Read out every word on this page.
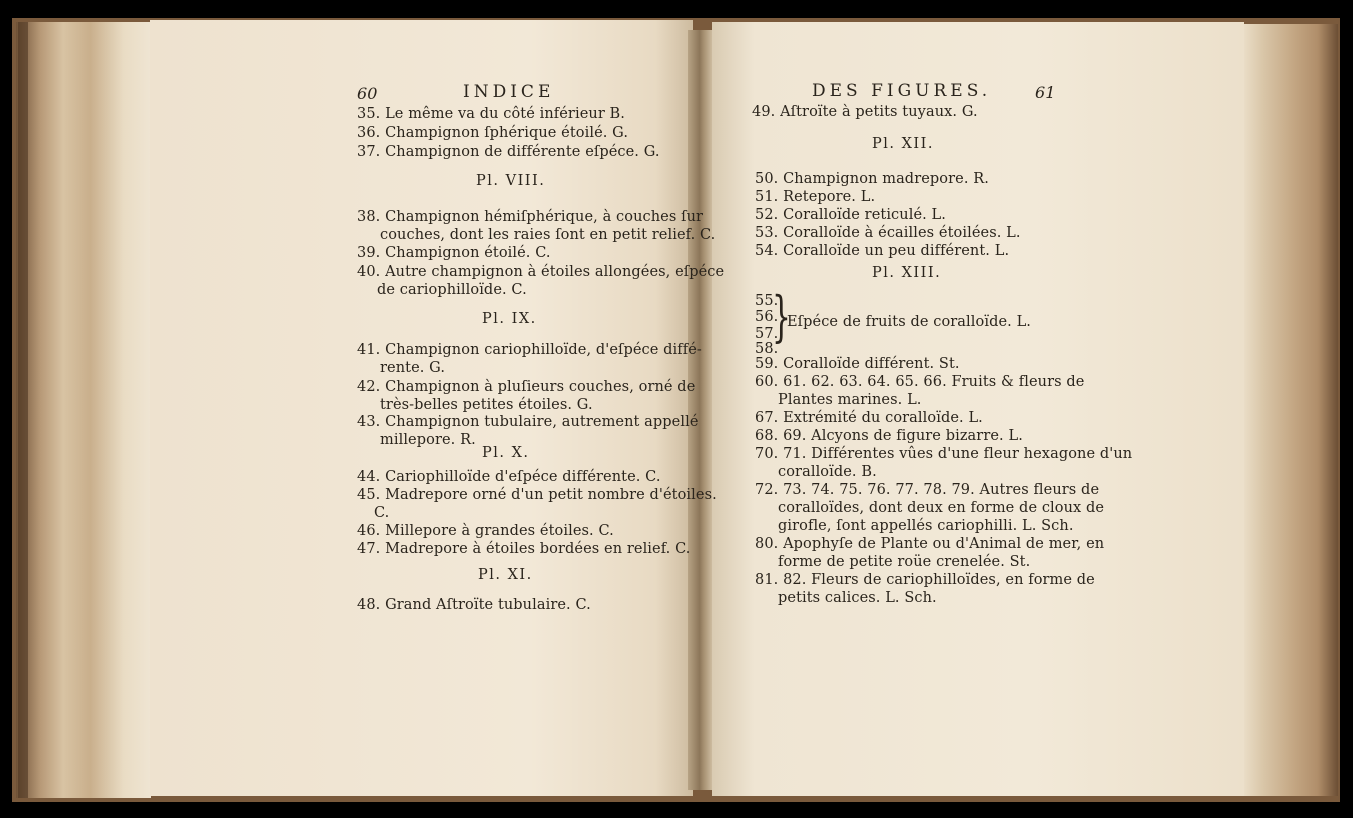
60	INDICE
35. Le même va du côté inférieur B.
36. Champignon ſphérique étoilé. G.
37. Champignon de différente eſpéce. G.
Pl. VIII.
38. Champignon hémiſphérique, à couches ſur
couches, dont les raies ſont en petit relief. C.
39. Champignon étoilé. C.
40. Autre champignon à étoiles allongées, eſpéce
de cariophilloïde. C.
Pl. IX.
41. Champignon cariophilloïde, d'eſpéce diffé-
rente. G.
42. Champignon à pluſieurs couches, orné de
très-belles petites étoiles. G.
43. Champignon tubulaire, autrement appellé
millepore. R.
Pl. X.
44. Cariophilloïde d'eſpéce différente. C.
45. Madrepore orné d'un petit nombre d'étoiles.
C.
46. Millepore à grandes étoiles. C.
47. Madrepore à étoiles bordées en relief. C.
Pl. XI.
48. Grand Aſtroïte tubulaire. C.
DES FIGURES.	61
49. Aſtroïte à petits tuyaux. G.
Pl. XII.
50. Champignon madrepore. R.
51. Retepore. L.
52. Coralloïde reticulé. L.
53. Coralloïde à écailles étoilées. L.
54. Coralloïde un peu différent. L.
Pl. XIII.
55.
56.
57.
58.
}
Eſpéce de fruits de coralloïde. L.
59. Coralloïde différent. St.
60. 61. 62. 63. 64. 65. 66. Fruits & fleurs de
Plantes marines. L.
67. Extrémité du coralloïde. L.
68. 69. Alcyons de figure bizarre. L.
70. 71. Différentes vûes d'une fleur hexagone d'un
coralloïde. B.
72. 73. 74. 75. 76. 77. 78. 79. Autres fleurs de
coralloïdes, dont deux en forme de cloux de
girofle, ſont appellés cariophilli. L. Sch.
80. Apophyſe de Plante ou d'Animal de mer, en
forme de petite roüe crenelée. St.
81. 82. Fleurs de cariophilloïdes, en forme de
petits calices. L. Sch.
